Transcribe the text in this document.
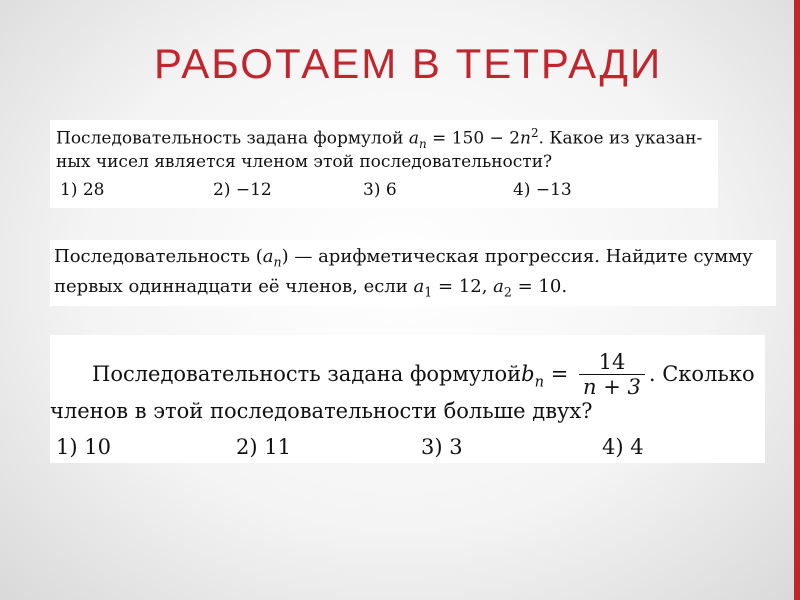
РАБОТАЕМ В ТЕТРАДИ
Последовательность задана формулой $a_n = 150 - 2n^2$. Какое из указан-
ных чисел является членом этой последовательности?
1) 28	2) −12	3) 6	4) −13
Последовательность $(a_n)$ — арифметическая прогрессия. Найдите сумму
первых одиннадцати её членов, если $a_1 = 12$, $a_2 = 10$.
Последовательность задана формулойb$_n$ = $\frac{14}{n + 3}$ . Сколько
членов в этой последовательности больше двух?
1) 10	2) 11	3) 3	4) 4
